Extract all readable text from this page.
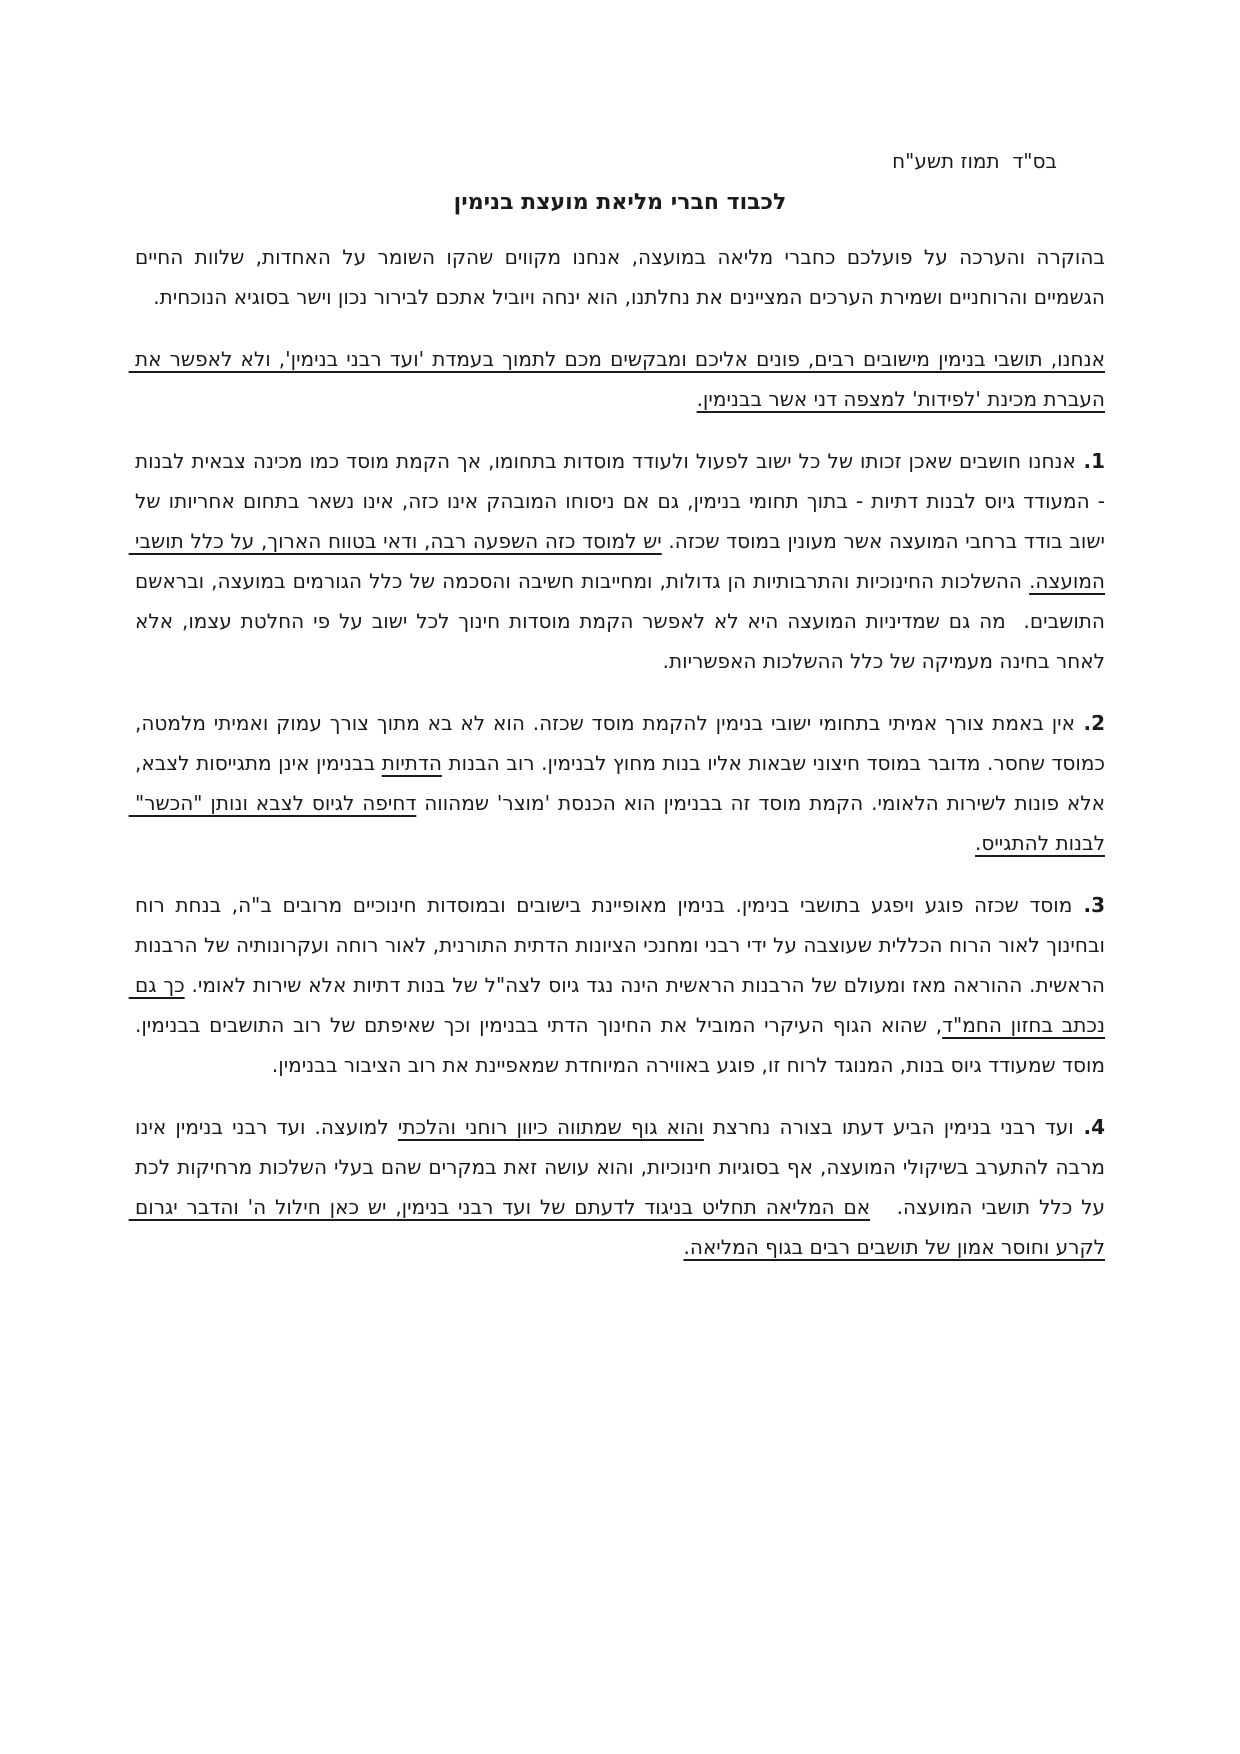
בס"ד  תמוז תשע"ח
לכבוד חברי מליאת מועצת בנימין

בהוקרה והערכה על פועלכם כחברי מליאה במועצה, אנחנו מקווים שהקו השומר על האחדות, שלוות החיים הגשמיים והרוחניים ושמירת הערכים המציינים את נחלתנו, הוא ינחה ויוביל אתכם לבירור נכון וישר בסוגיא הנוכחית.

אנחנו, תושבי בנימין מישובים רבים, פונים אליכם ומבקשים מכם לתמוך בעמדת 'ועד רבני בנימין', ולא לאפשר את העברת מכינת 'לפידות' למצפה דני אשר בבנימין.

1. אנחנו חושבים שאכן זכותו של כל ישוב לפעול ולעודד מוסדות בתחומו, אך הקמת מוסד כמו מכינה צבאית לבנות - המעודד גיוס לבנות דתיות - בתוך תחומי בנימין, גם אם ניסוחו המובהק אינו כזה, אינו נשאר בתחום אחריותו של ישוב בודד ברחבי המועצה אשר מעונין במוסד שכזה. יש למוסד כזה השפעה רבה, ודאי בטווח הארוך, על כלל תושבי המועצה. ההשלכות החינוכיות והתרבותיות הן גדולות, ומחייבות חשיבה והסכמה של כלל הגורמים במועצה, ובראשם התושבים.  מה גם שמדיניות המועצה היא לא לאפשר הקמת מוסדות חינוך לכל ישוב על פי החלטת עצמו, אלא לאחר בחינה מעמיקה של כלל ההשלכות האפשריות.

2. אין באמת צורך אמיתי בתחומי ישובי בנימין להקמת מוסד שכזה. הוא לא בא מתוך צורך עמוק ואמיתי מלמטה, כמוסד שחסר. מדובר במוסד חיצוני שבאות אליו בנות מחוץ לבנימין. רוב הבנות הדתיות בבנימין אינן מתגייסות לצבא, אלא פונות לשירות הלאומי. הקמת מוסד זה בבנימין הוא הכנסת 'מוצר' שמהווה דחיפה לגיוס לצבא ונותן "הכשר" לבנות להתגייס.

3. מוסד שכזה פוגע ויפגע בתושבי בנימין. בנימין מאופיינת בישובים ובמוסדות חינוכיים מרובים ב"ה, בנחת רוח ובחינוך לאור הרוח הכללית שעוצבה על ידי רבני ומחנכי הציונות הדתית התורנית, לאור רוחה ועקרונותיה של הרבנות הראשית. ההוראה מאז ומעולם של הרבנות הראשית הינה נגד גיוס לצה"ל של בנות דתיות אלא שירות לאומי. כך גם נכתב בחזון החמ"ד, שהוא הגוף העיקרי המוביל את החינוך הדתי בבנימין וכך שאיפתם של רוב התושבים בבנימין. מוסד שמעודד גיוס בנות, המנוגד לרוח זו, פוגע באווירה המיוחדת שמאפיינת את רוב הציבור בבנימין.

4. ועד רבני בנימין הביע דעתו בצורה נחרצת והוא גוף שמתווה כיוון רוחני והלכתי למועצה. ועד רבני בנימין אינו מרבה להתערב בשיקולי המועצה, אף בסוגיות חינוכיות, והוא עושה זאת במקרים שהם בעלי השלכות מרחיקות לכת על כלל תושבי המועצה.   אם המליאה תחליט בניגוד לדעתם של ועד רבני בנימין, יש כאן חילול ה' והדבר יגרום לקרע וחוסר אמון של תושבים רבים בגוף המליאה.
